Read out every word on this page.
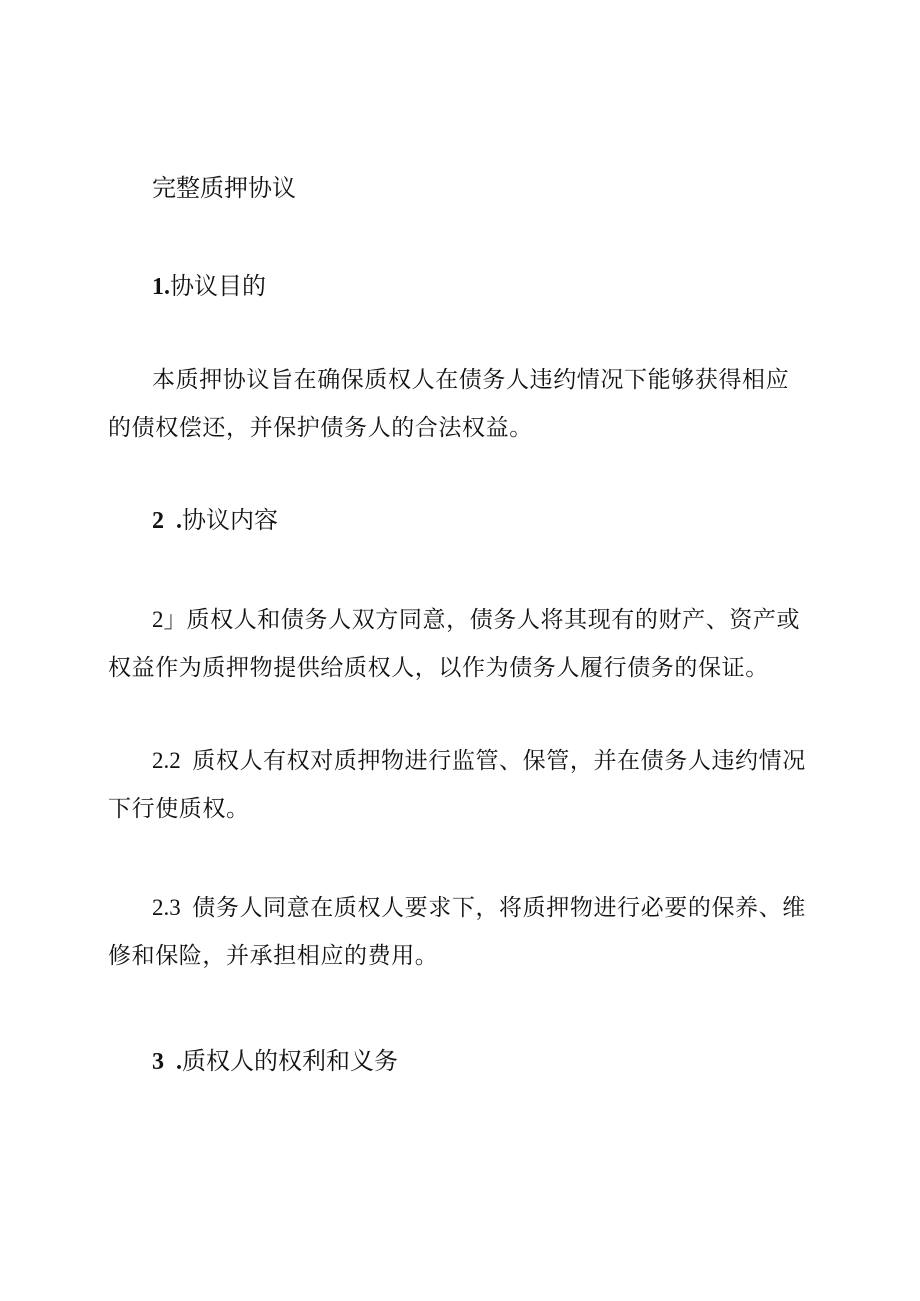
完整质押协议
1.协议目的

本质押协议旨在确保质权人在债务人违约情况下能够获得相应的债权偿还，并保护债务人的合法权益。

2  .协议内容

2」质权人和债务人双方同意，债务人将其现有的财产、资产或权益作为质押物提供给质权人，以作为债务人履行债务的保证。

2.2  质权人有权对质押物进行监管、保管，并在债务人违约情况下行使质权。

2.3  债务人同意在质权人要求下，将质押物进行必要的保养、维修和保险，并承担相应的费用。

3  .质权人的权利和义务
